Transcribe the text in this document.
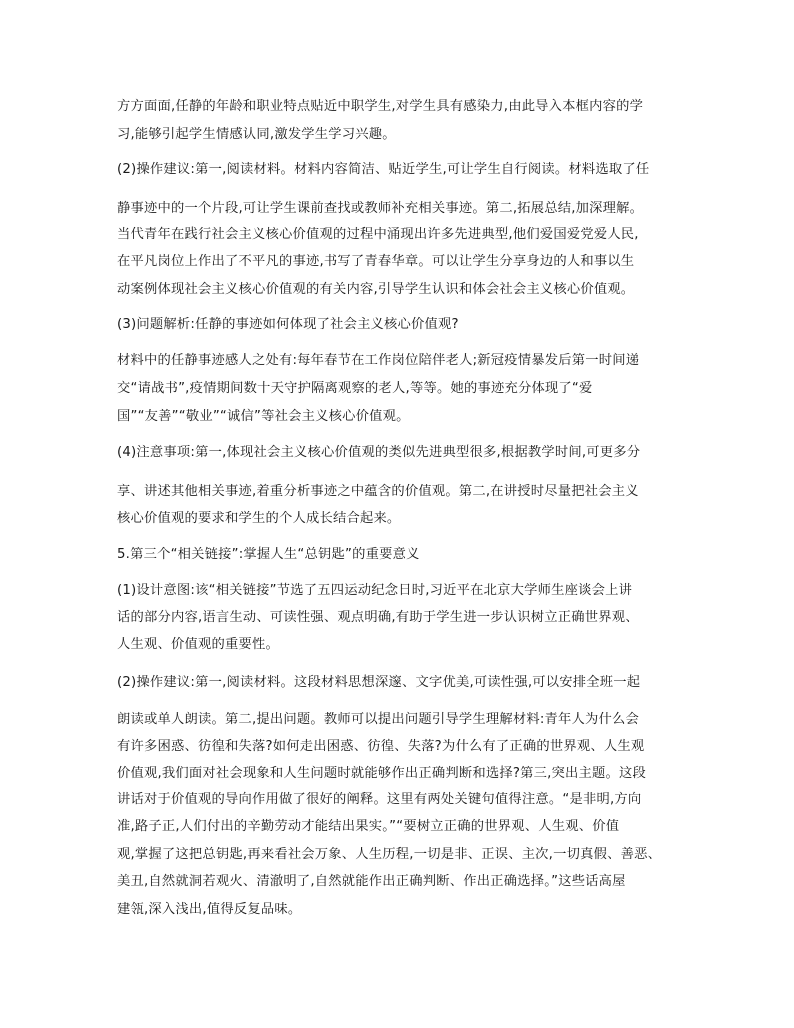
方方面面,任静的年龄和职业特点贴近中职学生,对学生具有感染力,由此导入本框内容的学
习,能够引起学生情感认同,激发学生学习兴趣。
(2)操作建议:第一,阅读材料。材料内容简洁、贴近学生,可让学生自行阅读。材料选取了任
静事迹中的一个片段,可让学生课前查找或教师补充相关事迹。第二,拓展总结,加深理解。
当代青年在践行社会主义核心价值观的过程中涌现出许多先进典型,他们爱国爱党爱人民,
在平凡岗位上作出了不平凡的事迹,书写了青春华章。可以让学生分享身边的人和事以生
动案例体现社会主义核心价值观的有关内容,引导学生认识和体会社会主义核心价值观。
(3)问题解析:任静的事迹如何体现了社会主义核心价值观?
材料中的任静事迹感人之处有:每年春节在工作岗位陪伴老人;新冠疫情暴发后第一时间递
交“请战书”,疫情期间数十天守护隔离观察的老人,等等。她的事迹充分体现了“爱
国”“友善”“敬业”“诚信”等社会主义核心价值观。
(4)注意事项:第一,体现社会主义核心价值观的类似先进典型很多,根据教学时间,可更多分
享、讲述其他相关事迹,着重分析事迹之中蕴含的价值观。第二,在讲授时尽量把社会主义
核心价值观的要求和学生的个人成长结合起来。
5.第三个“相关链接”:掌握人生“总钥匙”的重要意义
(1)设计意图:该“相关链接”节选了五四运动纪念日时,习近平在北京大学师生座谈会上讲
话的部分内容,语言生动、可读性强、观点明确,有助于学生进一步认识树立正确世界观、
人生观、价值观的重要性。
(2)操作建议:第一,阅读材料。这段材料思想深邃、文字优美,可读性强,可以安排全班一起
朗读或单人朗读。第二,提出问题。教师可以提出问题引导学生理解材料:青年人为什么会
有许多困惑、彷徨和失落?如何走出困惑、彷徨、失落?为什么有了正确的世界观、人生观
价值观,我们面对社会现象和人生问题时就能够作出正确判断和选择?第三,突出主题。这段
讲话对于价值观的导向作用做了很好的阐释。这里有两处关键句值得注意。“是非明,方向
准,路子正,人们付出的辛勤劳动才能结出果实。”“要树立正确的世界观、人生观、价值
观,掌握了这把总钥匙,再来看社会万象、人生历程,一切是非、正误、主次,一切真假、善恶、
美丑,自然就洞若观火、清澈明了,自然就能作出正确判断、作出正确选择。”这些话高屋
建瓴,深入浅出,值得反复品味。
